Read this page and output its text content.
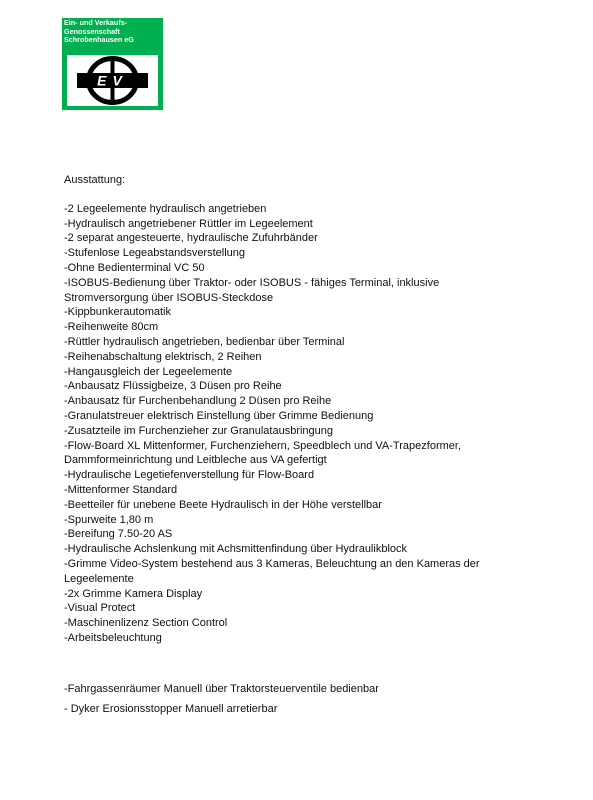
Ein- und Verkaufs-
Genossenschaft
Schrobenhausen eG
EV
Ausstattung:
-2 Legeelemente hydraulisch angetrieben
-Hydraulisch angetriebener Rüttler im Legeelement
-2 separat angesteuerte, hydraulische Zufuhrbänder
-Stufenlose Legeabstandsverstellung
-Ohne Bedienterminal VC 50
-ISOBUS-Bedienung über Traktor- oder ISOBUS - fähiges Terminal, inklusive
Stromversorgung über ISOBUS-Steckdose
-Kippbunkerautomatik
-Reihenweite 80cm
-Rüttler hydraulisch angetrieben, bedienbar über Terminal
-Reihenabschaltung elektrisch, 2 Reihen
-Hangausgleich der Legeelemente
-Anbausatz Flüssigbeize, 3 Düsen pro Reihe
-Anbausatz für Furchenbehandlung 2 Düsen pro Reihe
-Granulatstreuer elektrisch Einstellung über Grimme Bedienung
-Zusatzteile im Furchenzieher zur Granulatausbringung
-Flow-Board XL Mittenformer, Furchenziehern, Speedblech und VA-Trapezformer,
Dammformeinrichtung und Leitbleche aus VA gefertigt
-Hydraulische Legetiefenverstellung für Flow-Board
-Mittenformer Standard
-Beetteiler für unebene Beete Hydraulisch in der Höhe verstellbar
-Spurweite 1,80 m
-Bereifung 7.50-20 AS
-Hydraulische Achslenkung mit Achsmittenfindung über Hydraulikblock
-Grimme Video-System bestehend aus 3 Kameras, Beleuchtung an den Kameras der
Legeelemente
-2x Grimme Kamera Display
-Visual Protect
-Maschinenlizenz Section Control
-Arbeitsbeleuchtung
-Fahrgassenräumer Manuell über Traktorsteuerventile bedienbar
- Dyker Erosionsstopper Manuell arretierbar
